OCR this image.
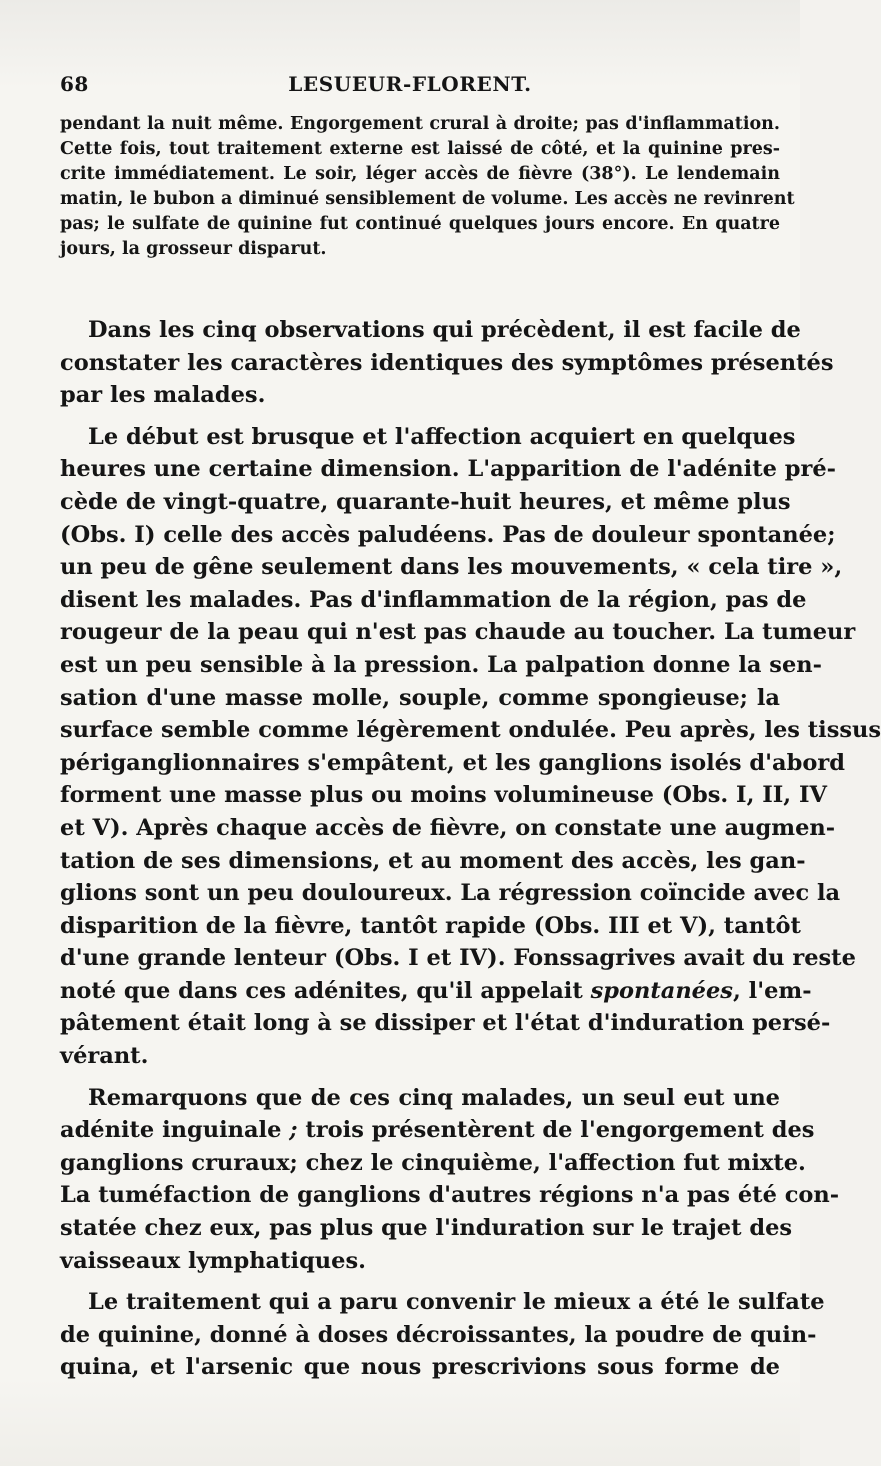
68	LESUEUR-FLORENT.
pendant la nuit même. Engorgement crural à droite; pas d'inflammation.
Cette fois, tout traitement externe est laissé de côté, et la quinine pres-
crite immédiatement. Le soir, léger accès de fièvre (38°). Le lendemain
matin, le bubon a diminué sensiblement de volume. Les accès ne revinrent
pas; le sulfate de quinine fut continué quelques jours encore. En quatre
jours, la grosseur disparut.

Dans les cinq observations qui précèdent, il est facile de
constater les caractères identiques des symptômes présentés
par les malades.

Le début est brusque et l'affection acquiert en quelques
heures une certaine dimension. L'apparition de l'adénite pré-
cède de vingt-quatre, quarante-huit heures, et même plus
(Obs. I) celle des accès paludéens. Pas de douleur spontanée;
un peu de gêne seulement dans les mouvements, « cela tire »,
disent les malades. Pas d'inflammation de la région, pas de
rougeur de la peau qui n'est pas chaude au toucher. La tumeur
est un peu sensible à la pression. La palpation donne la sen-
sation d'une masse molle, souple, comme spongieuse; la
surface semble comme légèrement ondulée. Peu après, les tissus
périganglionnaires s'empâtent, et les ganglions isolés d'abord
forment une masse plus ou moins volumineuse (Obs. I, II, IV
et V). Après chaque accès de fièvre, on constate une augmen-
tation de ses dimensions, et au moment des accès, les gan-
glions sont un peu douloureux. La régression coïncide avec la
disparition de la fièvre, tantôt rapide (Obs. III et V), tantôt
d'une grande lenteur (Obs. I et IV). Fonssagrives avait du reste
noté que dans ces adénites, qu'il appelait spontanées, l'em-
pâtement était long à se dissiper et l'état d'induration persé-
vérant.

Remarquons que de ces cinq malades, un seul eut une
adénite inguinale ; trois présentèrent de l'engorgement des
ganglions cruraux; chez le cinquième, l'affection fut mixte.
La tuméfaction de ganglions d'autres régions n'a pas été con-
statée chez eux, pas plus que l'induration sur le trajet des
vaisseaux lymphatiques.

Le traitement qui a paru convenir le mieux a été le sulfate
de quinine, donné à doses décroissantes, la poudre de quin-
quina, et l'arsenic que nous prescrivions sous forme de
